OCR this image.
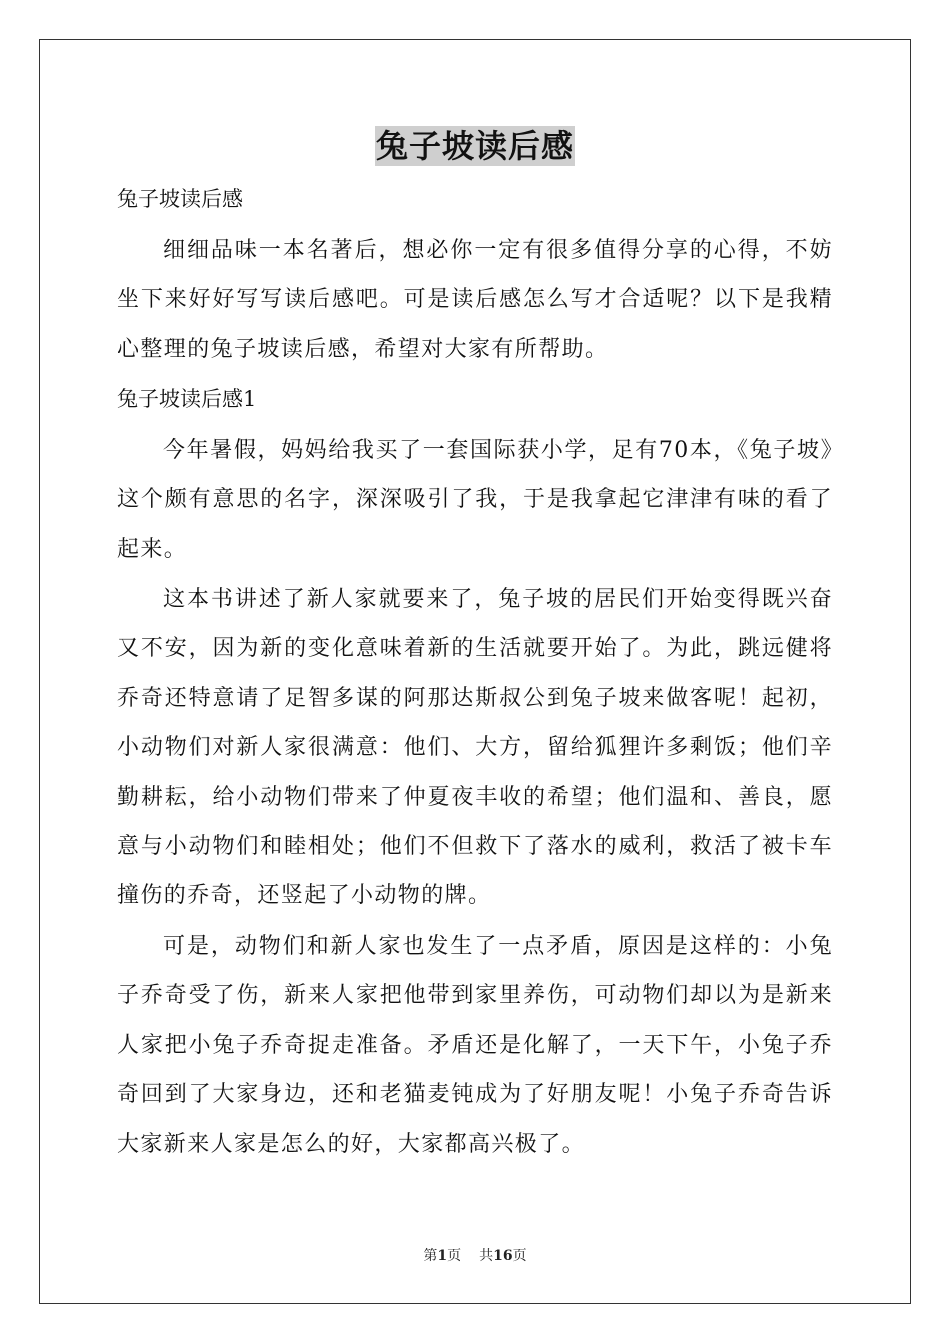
兔子坡读后感
兔子坡读后感

细细品味一本名著后，想必你一定有很多值得分享的心得，不妨坐下来好好写写读后感吧。可是读后感怎么写才合适呢？以下是我精心整理的兔子坡读后感，希望对大家有所帮助。

兔子坡读后感1

今年暑假，妈妈给我买了一套国际获小学，足有70本，《兔子坡》这个颇有意思的名字，深深吸引了我，于是我拿起它津津有味的看了起来。

这本书讲述了新人家就要来了，兔子坡的居民们开始变得既兴奋又不安，因为新的变化意味着新的生活就要开始了。为此，跳远健将乔奇还特意请了足智多谋的阿那达斯叔公到兔子坡来做客呢！起初，小动物们对新人家很满意：他们、大方，留给狐狸许多剩饭；他们辛勤耕耘，给小动物们带来了仲夏夜丰收的希望；他们温和、善良，愿意与小动物们和睦相处；他们不但救下了落水的威利，救活了被卡车撞伤的乔奇，还竖起了小动物的牌。

可是，动物们和新人家也发生了一点矛盾，原因是这样的：小兔子乔奇受了伤，新来人家把他带到家里养伤，可动物们却以为是新来人家把小兔子乔奇捉走准备。矛盾还是化解了，一天下午，小兔子乔奇回到了大家身边，还和老猫麦钝成为了好朋友呢！小兔子乔奇告诉大家新来人家是怎么的好，大家都高兴极了。

第1页 共16页
